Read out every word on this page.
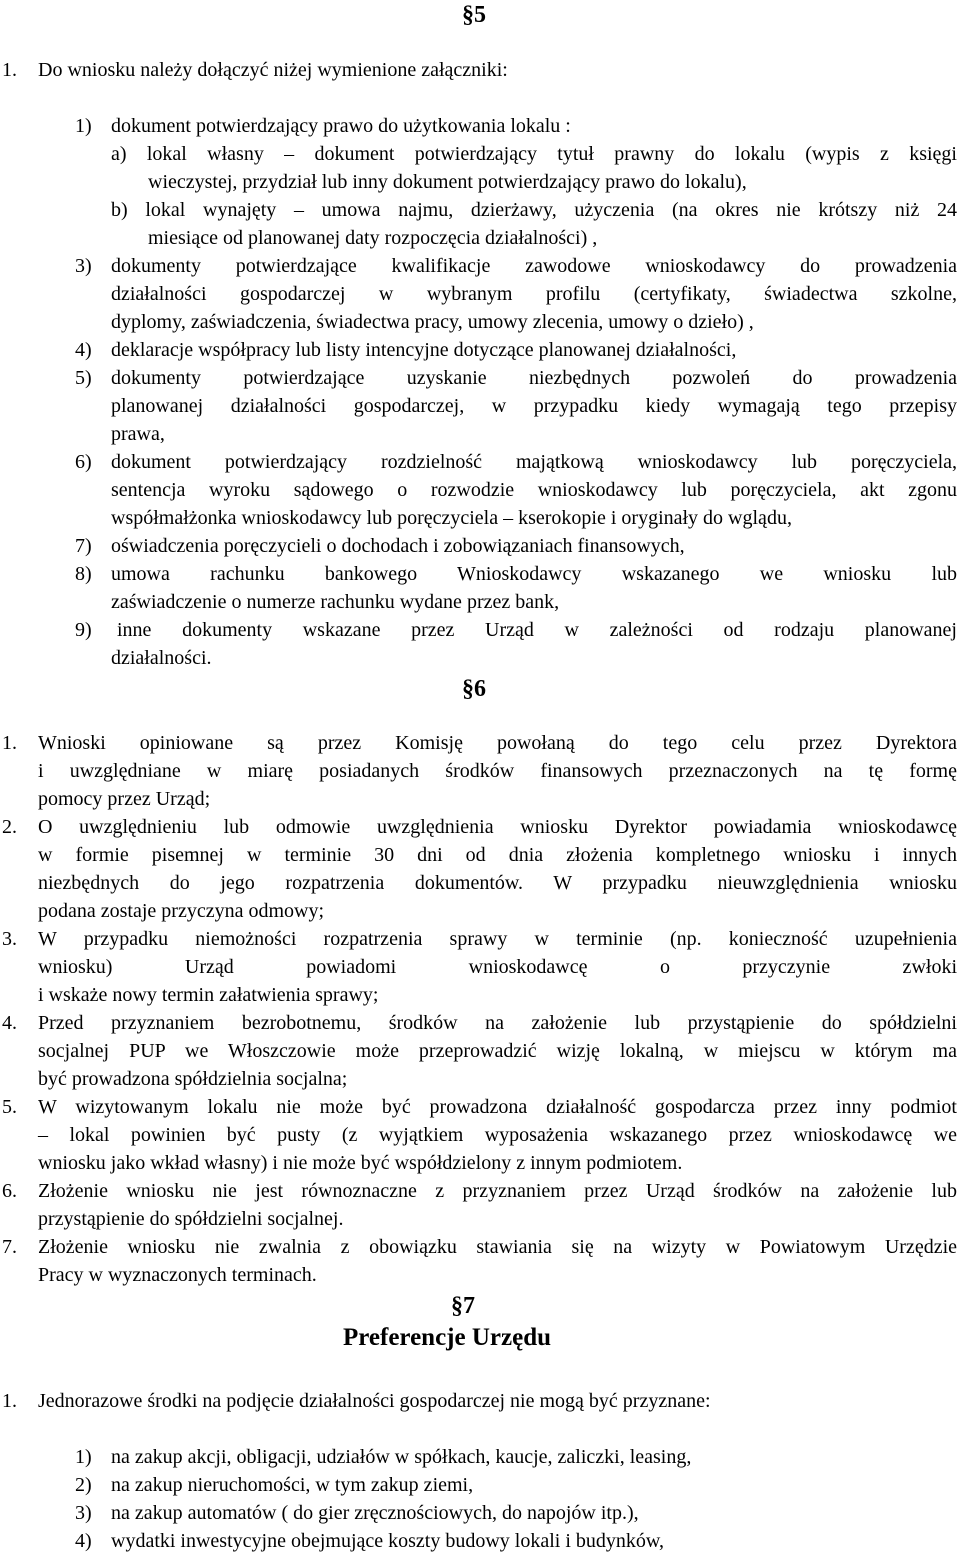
§5
1. Do wniosku należy dołączyć niżej wymienione załączniki:
1) dokument potwierdzający prawo do użytkowania lokalu :
a) lokal własny – dokument potwierdzający tytuł prawny do lokalu (wypis z księgi
wieczystej, przydział lub inny dokument potwierdzający prawo do lokalu),
b) lokal wynajęty – umowa najmu, dzierżawy, użyczenia (na okres nie krótszy niż 24
miesiące od planowanej daty rozpoczęcia działalności) ,
3) dokumenty potwierdzające kwalifikacje zawodowe wnioskodawcy do prowadzenia
działalności gospodarczej w wybranym profilu (certyfikaty, świadectwa szkolne,
dyplomy, zaświadczenia, świadectwa pracy, umowy zlecenia, umowy o dzieło) ,
4) deklaracje współpracy lub listy intencyjne dotyczące planowanej działalności,
5) dokumenty potwierdzające uzyskanie niezbędnych pozwoleń do prowadzenia
planowanej działalności gospodarczej, w przypadku kiedy wymagają tego przepisy
prawa,
6) dokument potwierdzający rozdzielność majątkową wnioskodawcy lub poręczyciela,
sentencja wyroku sądowego o rozwodzie wnioskodawcy lub poręczyciela, akt zgonu
współmałżonka wnioskodawcy lub poręczyciela – kserokopie i oryginały do wglądu,
7) oświadczenia poręczycieli o dochodach i zobowiązaniach finansowych,
8) umowa rachunku bankowego Wnioskodawcy wskazanego we wniosku lub
zaświadczenie o numerze rachunku wydane przez bank,
9) inne dokumenty wskazane przez Urząd w zależności od rodzaju planowanej
działalności.
§6
1. Wnioski opiniowane są przez Komisję powołaną do tego celu przez Dyrektora
i uwzględniane w miarę posiadanych środków finansowych przeznaczonych na tę formę
pomocy przez Urząd;
2. O uwzględnieniu lub odmowie uwzględnienia wniosku Dyrektor powiadamia wnioskodawcę
w formie pisemnej w terminie 30 dni od dnia złożenia kompletnego wniosku i innych
niezbędnych do jego rozpatrzenia dokumentów. W przypadku nieuwzględnienia wniosku
podana zostaje przyczyna odmowy;
3. W przypadku niemożności rozpatrzenia sprawy w terminie (np. konieczność uzupełnienia
wniosku) Urząd powiadomi wnioskodawcę o przyczynie zwłoki
i wskaże nowy termin załatwienia sprawy;
4. Przed przyznaniem bezrobotnemu, środków na założenie lub przystąpienie do spółdzielni
socjalnej PUP we Włoszczowie może przeprowadzić wizję lokalną, w miejscu w którym ma
być prowadzona spółdzielnia socjalna;
5. W wizytowanym lokalu nie może być prowadzona działalność gospodarcza przez inny podmiot
– lokal powinien być pusty (z wyjątkiem wyposażenia wskazanego przez wnioskodawcę we
wniosku jako wkład własny) i nie może być współdzielony z innym podmiotem.
6. Złożenie wniosku nie jest równoznaczne z przyznaniem przez Urząd środków na założenie lub
przystąpienie do spółdzielni socjalnej.
7. Złożenie wniosku nie zwalnia z obowiązku stawiania się na wizyty w Powiatowym Urzędzie
Pracy w wyznaczonych terminach.
§7
Preferencje Urzędu
1. Jednorazowe środki na podjęcie działalności gospodarczej nie mogą być przyznane:
1) na zakup akcji, obligacji, udziałów w spółkach, kaucje, zaliczki, leasing,
2) na zakup nieruchomości, w tym zakup ziemi,
3) na zakup automatów ( do gier zręcznościowych, do napojów itp.),
4) wydatki inwestycyjne obejmujące koszty budowy lokali i budynków,
